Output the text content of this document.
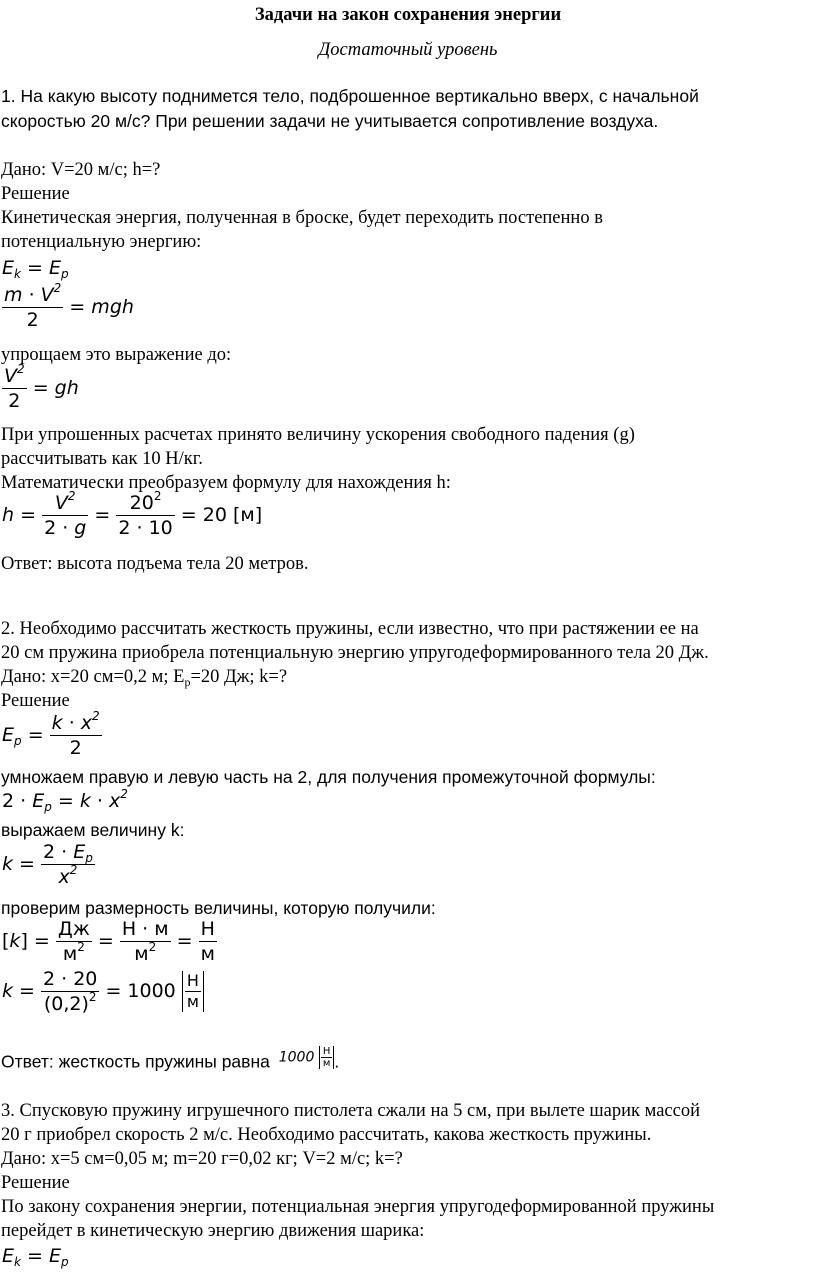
Задачи на закон сохранения энергии
Достаточный уровень
1. На какую высоту поднимется тело, подброшенное вертикально вверх, с начальной
скоростью 20 м/с? При решении задачи не учитывается сопротивление воздуха.
Дано: V=20 м/с; h=?
Решение
Кинетическая энергия, полученная в броске, будет переходить постепенно в
потенциальную энергию:
$E_k = E_p$
$\frac{m \cdot V^2}{2}$ = mgh
упрощаем это выражение до:
$\frac{V^2}{2}$ = gh
При упрошенных расчетах принято величину ускорения свободного падения (g)
рассчитывать как 10 Н/кг.
Математически преобразуем формулу для нахождения h:
$h = \frac{V^2}{2 \cdot g} = \frac{20^2}{2 \cdot 10} = 20$ [м]
Ответ: высота подъема тела 20 метров.
2. Необходимо рассчитать жесткость пружины, если известно, что при растяжении ее на
20 см пружина приобрела потенциальную энергию упругодеформированного тела 20 Дж.
Дано: x=20 см=0,2 м; $E_p=20$ Дж; k=?
Решение
$E_p = \frac{k \cdot x^2}{2}$
умножаем правую и левую часть на 2, для получения промежуточной формулы:
$2 \cdot E_p = k \cdot x^2$
выражаем величину k:
$k = \frac{2 \cdot E_p}{x^2}$
проверим размерность величины, которую получили:
$[k] = \frac{Дж}{м^2} = \frac{Н \cdot м}{м^2} = \frac{Н}{м}$
$k = \frac{2 \cdot 20}{(0,2)^2} = 1000 \frac{Н}{м}$
Ответ: жесткость пружины равна $1000 \frac{Н}{м}$ .
3. Спусковую пружину игрушечного пистолета сжали на 5 см, при вылете шарик массой
20 г приобрел скорость 2 м/с. Необходимо рассчитать, какова жесткость пружины.
Дано: x=5 см=0,05 м; m=20 г=0,02 кг; V=2 м/с; k=?
Решение
По закону сохранения энергии, потенциальная энергия упругодеформированной пружины
перейдет в кинетическую энергию движения шарика:
$E_k = E_p$
